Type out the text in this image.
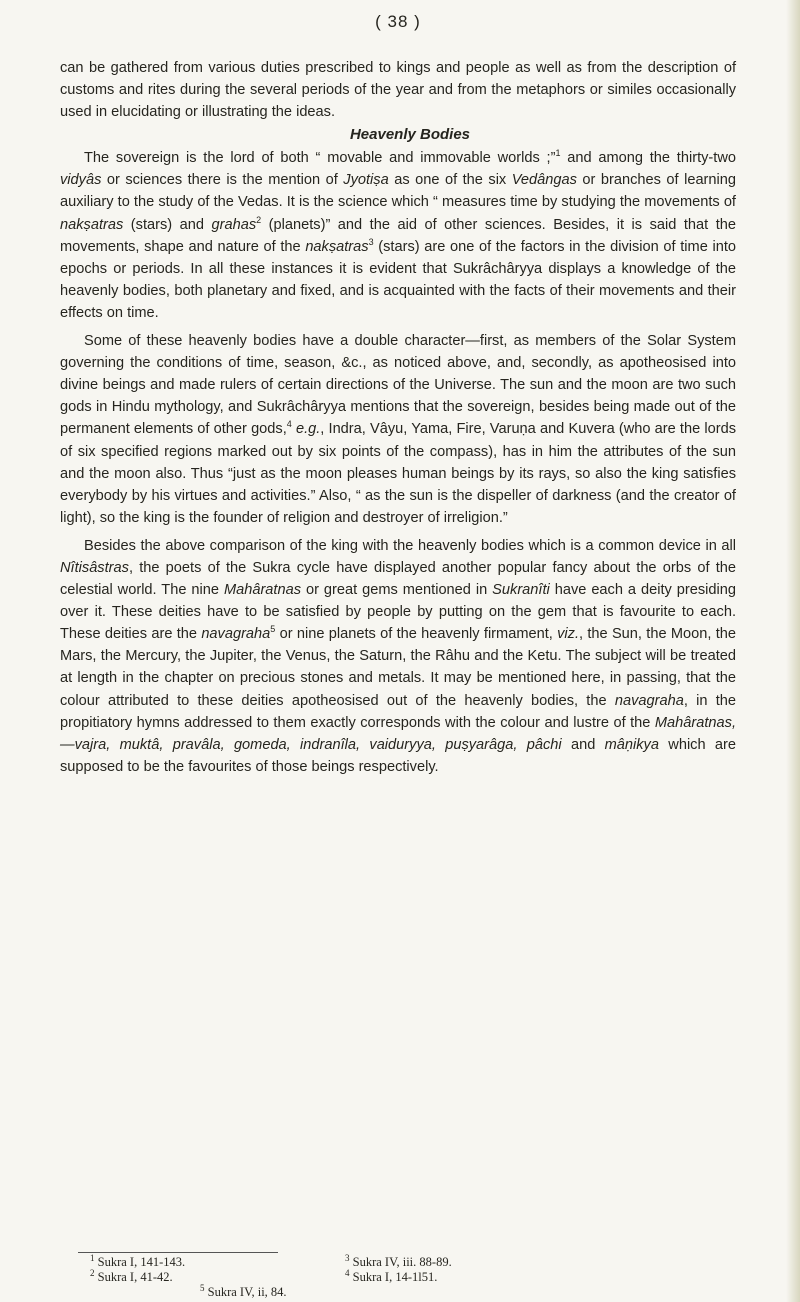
( 38 )

can be gathered from various duties prescribed to kings and people as well as from the description of customs and rites during the several periods of the year and from the metaphors or similes occasionally used in elucidating or illustrating the ideas.

Heavenly Bodies

The sovereign is the lord of both “ movable and immovable worlds ;”$^1$ and among the thirty-two vidyâs or sciences there is the mention of Jyotiṣa as one of the six Vedângas or branches of learning auxiliary to the study of the Vedas. It is the science which “ measures time by studying the movements of nakṣatras (stars) and grahas$^2$ (planets)” and the aid of other sciences. Besides, it is said that the movements, shape and nature of the nakṣatras$^3$ (stars) are one of the factors in the division of time into epochs or periods. In all these instances it is evident that Sukrâchâryya displays a knowledge of the heavenly bodies, both planetary and fixed, and is acquainted with the facts of their movements and their effects on time.

Some of these heavenly bodies have a double character—first, as members of the Solar System governing the conditions of time, season, &c., as noticed above, and, secondly, as apotheosised into divine beings and made rulers of certain directions of the Universe. The sun and the moon are two such gods in Hindu mythology, and Sukrâchâryya mentions that the sovereign, besides being made out of the permanent elements of other gods,$^4$ e.g., Indra, Vâyu, Yama, Fire, Varuṇa and Kuvera (who are the lords of six specified regions marked out by six points of the compass), has in him the attributes of the sun and the moon also. Thus “just as the moon pleases human beings by its rays, so also the king satisfies everybody by his virtues and activities.” Also, “ as the sun is the dispeller of darkness (and the creator of light), so the king is the founder of religion and destroyer of irreligion.”

Besides the above comparison of the king with the heavenly bodies which is a common device in all Nîtisâstras, the poets of the Sukra cycle have displayed another popular fancy about the orbs of the celestial world. The nine Mahâratnas or great gems mentioned in Sukranîti have each a deity presiding over it. These deities have to be satisfied by people by putting on the gem that is favourite to each. These deities are the navagraha$^5$ or nine planets of the heavenly firmament, viz., the Sun, the Moon, the Mars, the Mercury, the Jupiter, the Venus, the Saturn, the Râhu and the Ketu. The subject will be treated at length in the chapter on precious stones and metals. It may be mentioned here, in passing, that the colour attributed to these deities apotheosised out of the heavenly bodies, the navagraha, in the propitiatory hymns addressed to them exactly corresponds with the colour and lustre of the Mahâratnas,—vajra, muktâ, pravâla, gomeda, indranîla, vaiduryya, puṣyarâga, pâchi and mâṇikya which are supposed to be the favourites of those beings respectively.

$^1$ Sukra I, 141-143.
$^2$ Sukra I, 41-42.
$^3$ Sukra IV, iii. 88-89.
$^4$ Sukra I, 14-1l51.
$^5$ Sukra IV, ii, 84.
